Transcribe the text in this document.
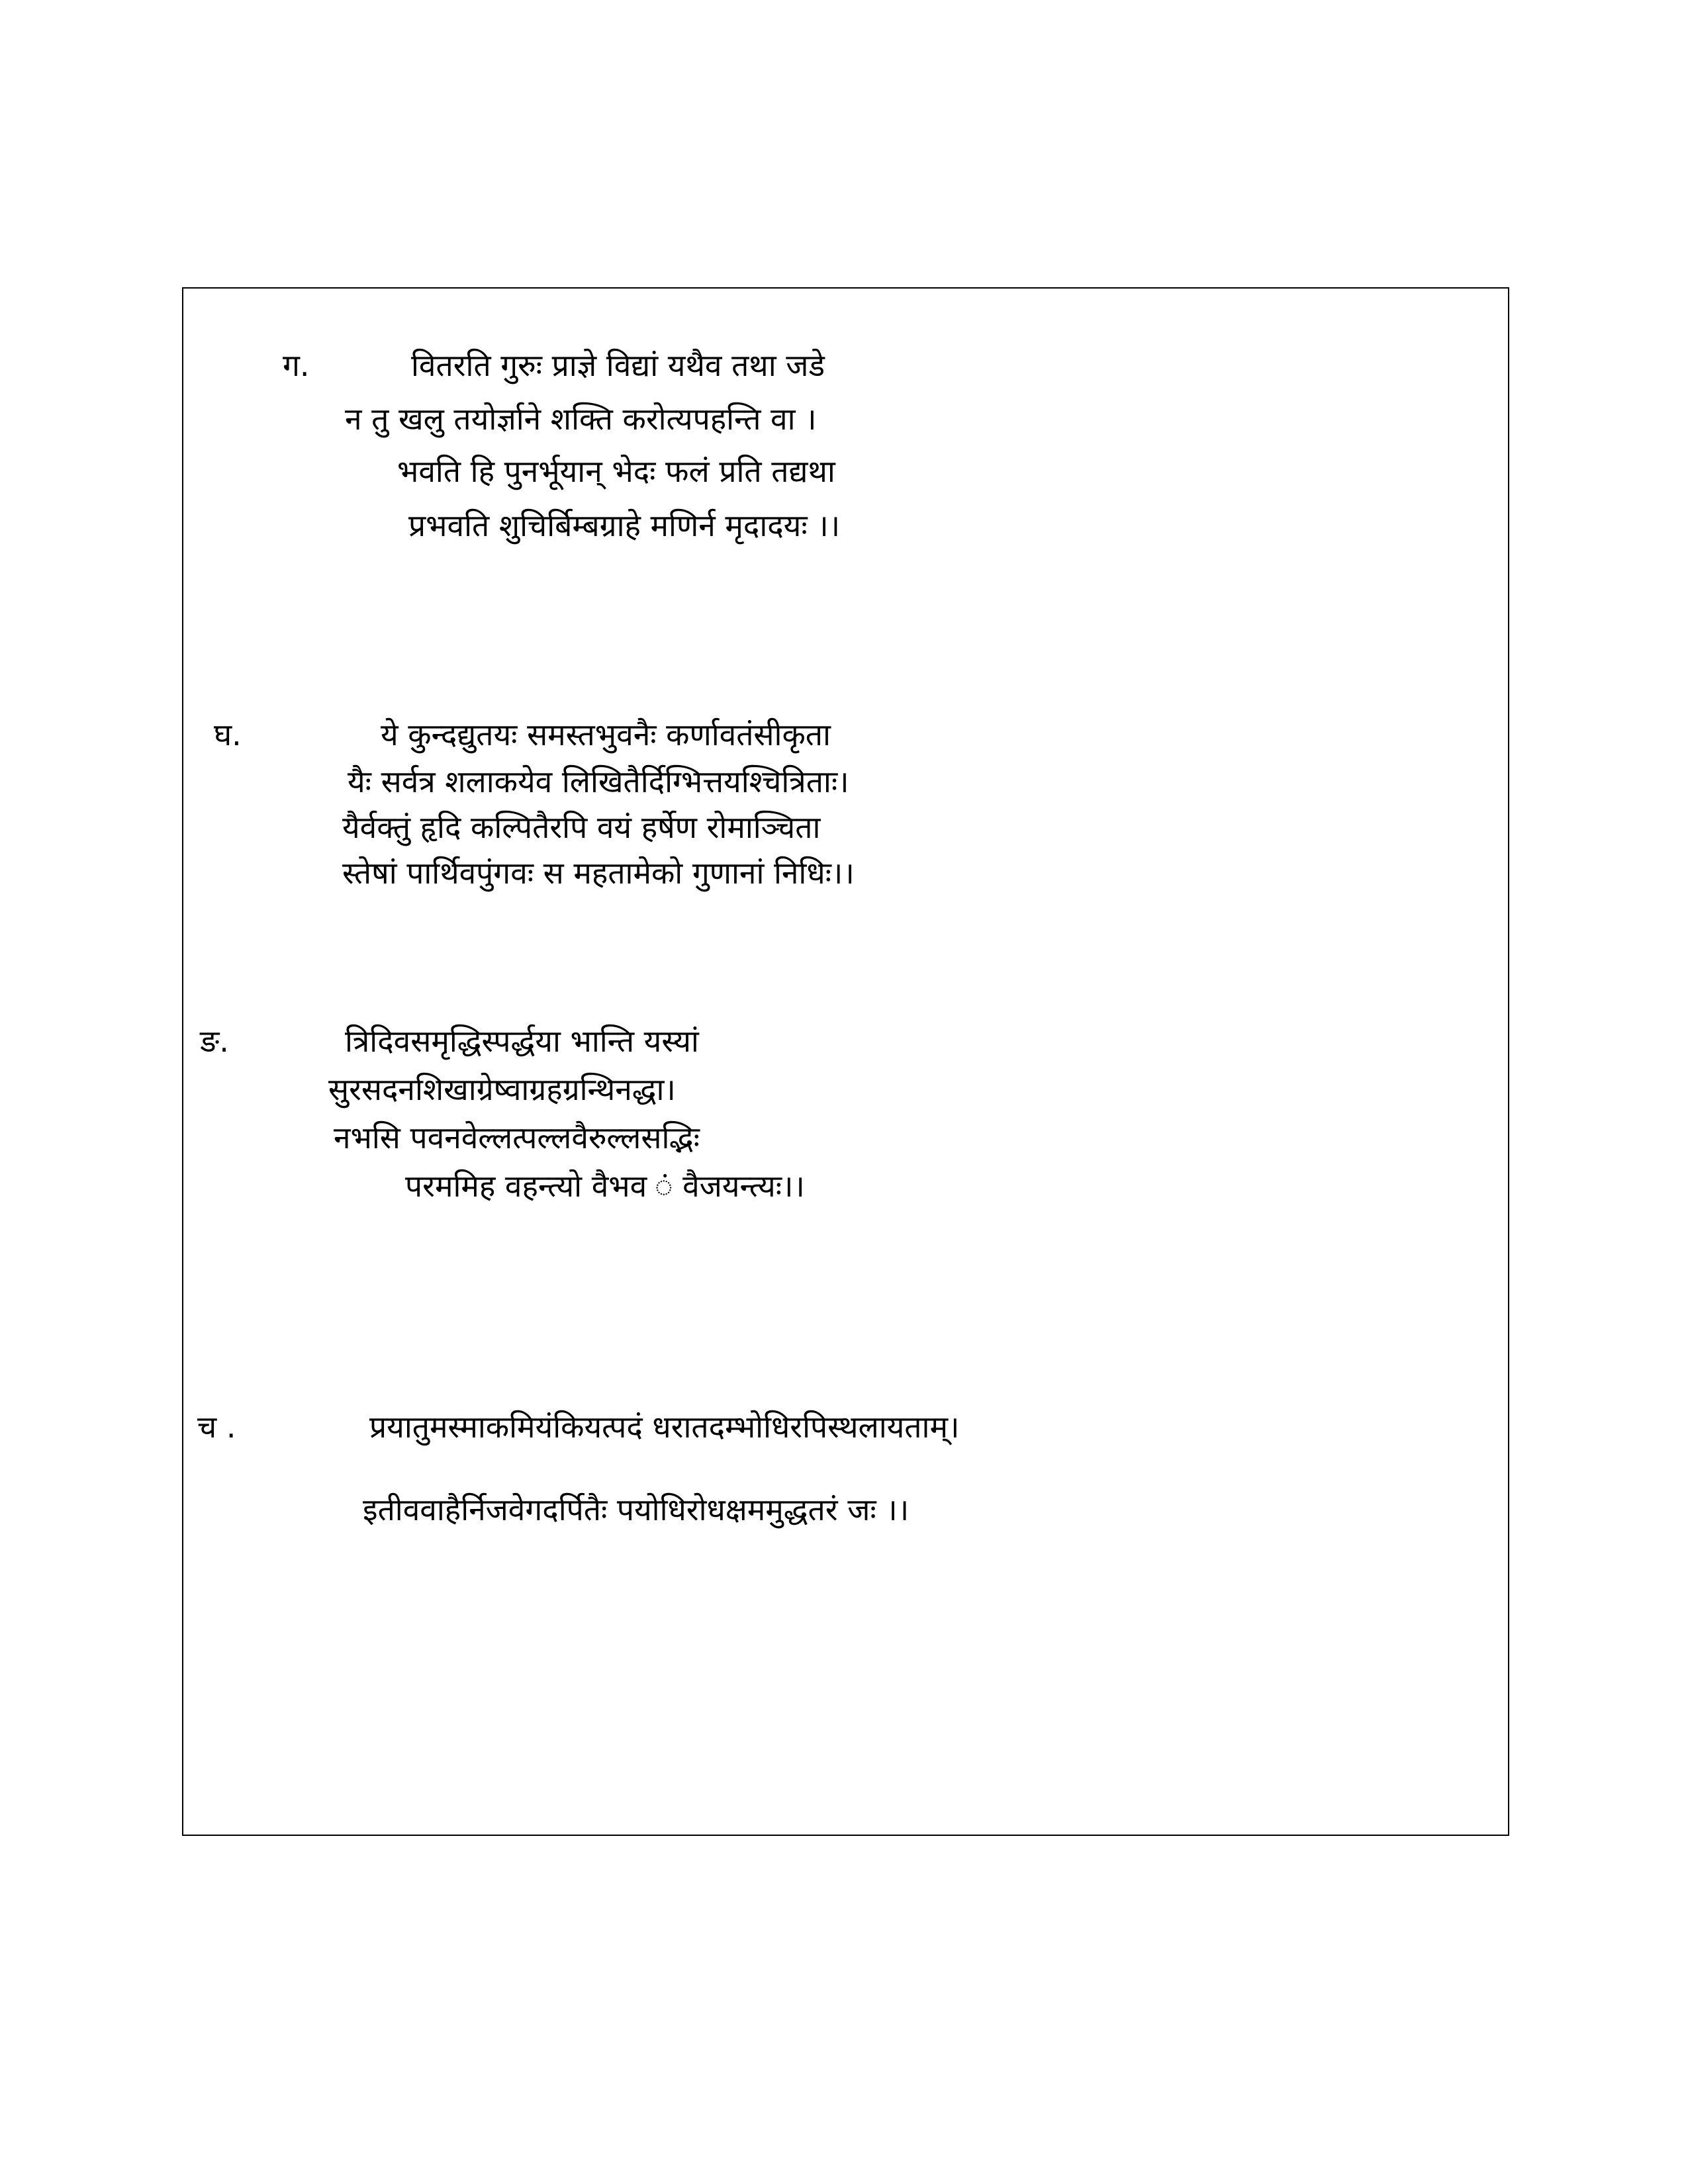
ग.	वितरति गुरुः प्राज्ञे विद्यां यथैव तथा जडे
न तु खलु तयोर्ज्ञाने शक्ति करोत्यपहन्ति वा ।
भवति हि पुनर्भूयान् भेदः फलं प्रति तद्यथा
प्रभवति शुचिर्बिम्बग्राहे मणिर्न मृदादयः ।।
घ.	ये कुन्दद्युतयः समस्तभुवनैः कर्णावतंसीकृता
यैः सर्वत्र शलाकयेव लिखितैर्दिग्भित्तयश्चित्रिताः।
यैर्वक्तुं हृदि कल्पितैरपि वयं हर्षेण रोमाञ्चिता
स्तेषां पार्थिवपुंगवः स महतामेको गुणानां निधिः।।
ङ.	त्रिदिवसमृद्धिस्पर्द्धया भान्ति यस्यां
सुरसदनशिखाग्रेष्वाग्रहग्रन्थिनद्धा।
नभसि पवनवेल्लत्पल्लवैरुल्लसद्भिः
परममिह वहन्त्यो वैभव ं वैजयन्त्यः।।
च .	प्रयातुमस्माकमियंकियत्पदं धरातदम्भोधिरपिस्थलायताम्।
इतीववाहैर्निजवेगदर्पितैः पयोधिरोधक्षममुद्धतरं जः ।।
